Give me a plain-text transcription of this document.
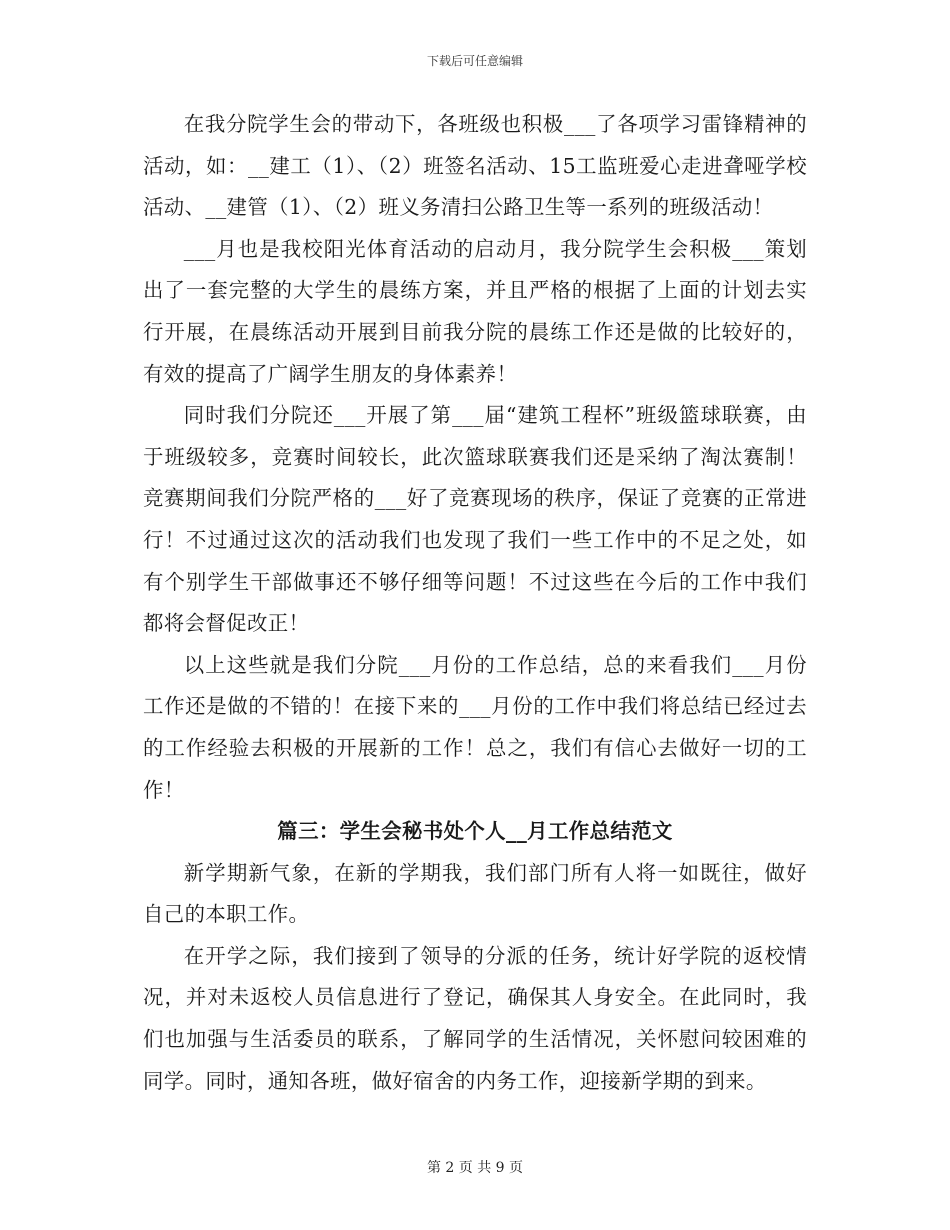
下载后可任意编辑

在我分院学生会的带动下，各班级也积极___了各项学习雷锋精神的活动，如：__建工（1）、（2）班签名活动、15工监班爱心走进聋哑学校活动、__建管（1）、（2）班义务清扫公路卫生等一系列的班级活动！

___月也是我校阳光体育活动的启动月，我分院学生会积极___策划出了一套完整的大学生的晨练方案，并且严格的根据了上面的计划去实行开展，在晨练活动开展到目前我分院的晨练工作还是做的比较好的，有效的提高了广阔学生朋友的身体素养！

同时我们分院还___开展了第___届“建筑工程杯”班级篮球联赛，由于班级较多，竞赛时间较长，此次篮球联赛我们还是采纳了淘汰赛制！竞赛期间我们分院严格的___好了竞赛现场的秩序，保证了竞赛的正常进行！不过通过这次的活动我们也发现了我们一些工作中的不足之处，如有个别学生干部做事还不够仔细等问题！不过这些在今后的工作中我们都将会督促改正！

以上这些就是我们分院___月份的工作总结，总的来看我们___月份工作还是做的不错的！在接下来的___月份的工作中我们将总结已经过去的工作经验去积极的开展新的工作！总之，我们有信心去做好一切的工作！

篇三：学生会秘书处个人__月工作总结范文

新学期新气象，在新的学期我，我们部门所有人将一如既往，做好自己的本职工作。

在开学之际，我们接到了领导的分派的任务，统计好学院的返校情况，并对未返校人员信息进行了登记，确保其人身安全。在此同时，我们也加强与生活委员的联系，了解同学的生活情况，关怀慰问较困难的同学。同时，通知各班，做好宿舍的内务工作，迎接新学期的到来。

第 2 页 共 9 页
